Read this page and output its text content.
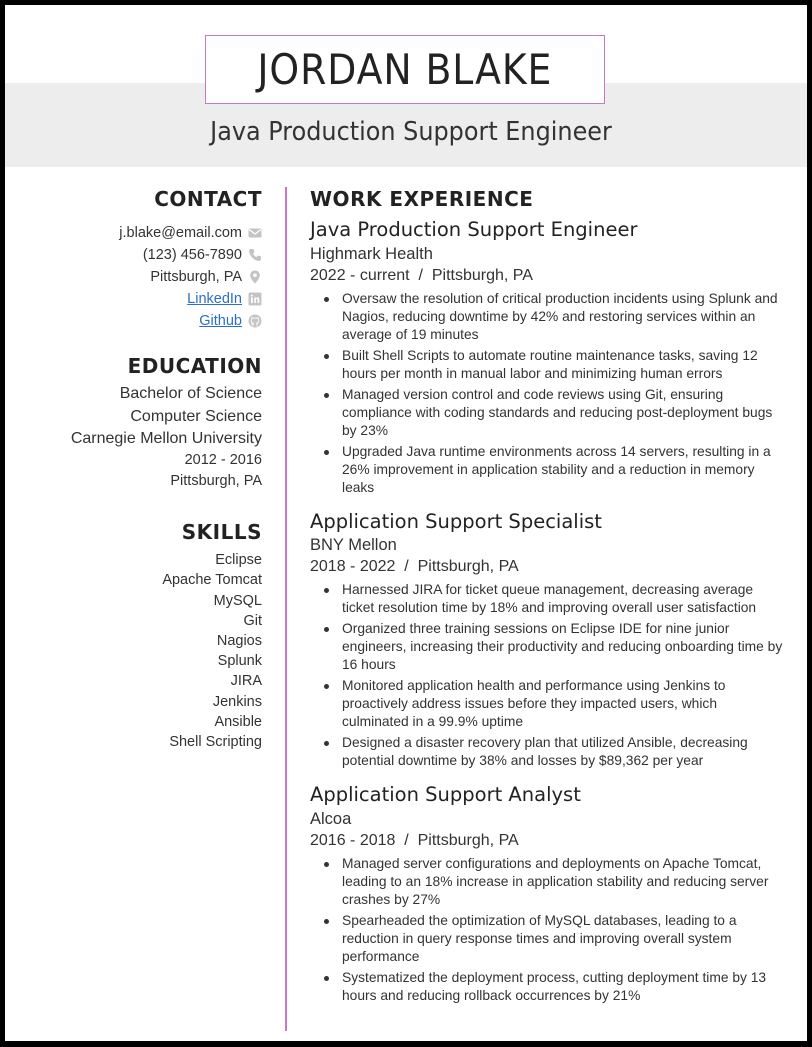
JORDAN BLAKE
Java Production Support Engineer
CONTACT
j.blake@email.com
(123) 456-7890
Pittsburgh, PA
LinkedIn
Github
EDUCATION
Bachelor of Science
Computer Science
Carnegie Mellon University
2012 - 2016
Pittsburgh, PA
SKILLS
Eclipse
Apache Tomcat
MySQL
Git
Nagios
Splunk
JIRA
Jenkins
Ansible
Shell Scripting
WORK EXPERIENCE
Java Production Support Engineer
Highmark Health
2022 - current  /  Pittsburgh, PA
Oversaw the resolution of critical production incidents using Splunk and Nagios, reducing downtime by 42% and restoring services within an average of 19 minutes
Built Shell Scripts to automate routine maintenance tasks, saving 12 hours per month in manual labor and minimizing human errors
Managed version control and code reviews using Git, ensuring compliance with coding standards and reducing post-deployment bugs by 23%
Upgraded Java runtime environments across 14 servers, resulting in a 26% improvement in application stability and a reduction in memory leaks
Application Support Specialist
BNY Mellon
2018 - 2022  /  Pittsburgh, PA
Harnessed JIRA for ticket queue management, decreasing average ticket resolution time by 18% and improving overall user satisfaction
Organized three training sessions on Eclipse IDE for nine junior engineers, increasing their productivity and reducing onboarding time by 16 hours
Monitored application health and performance using Jenkins to proactively address issues before they impacted users, which culminated in a 99.9% uptime
Designed a disaster recovery plan that utilized Ansible, decreasing potential downtime by 38% and losses by $89,362 per year
Application Support Analyst
Alcoa
2016 - 2018  /  Pittsburgh, PA
Managed server configurations and deployments on Apache Tomcat, leading to an 18% increase in application stability and reducing server crashes by 27%
Spearheaded the optimization of MySQL databases, leading to a reduction in query response times and improving overall system performance
Systematized the deployment process, cutting deployment time by 13 hours and reducing rollback occurrences by 21%
